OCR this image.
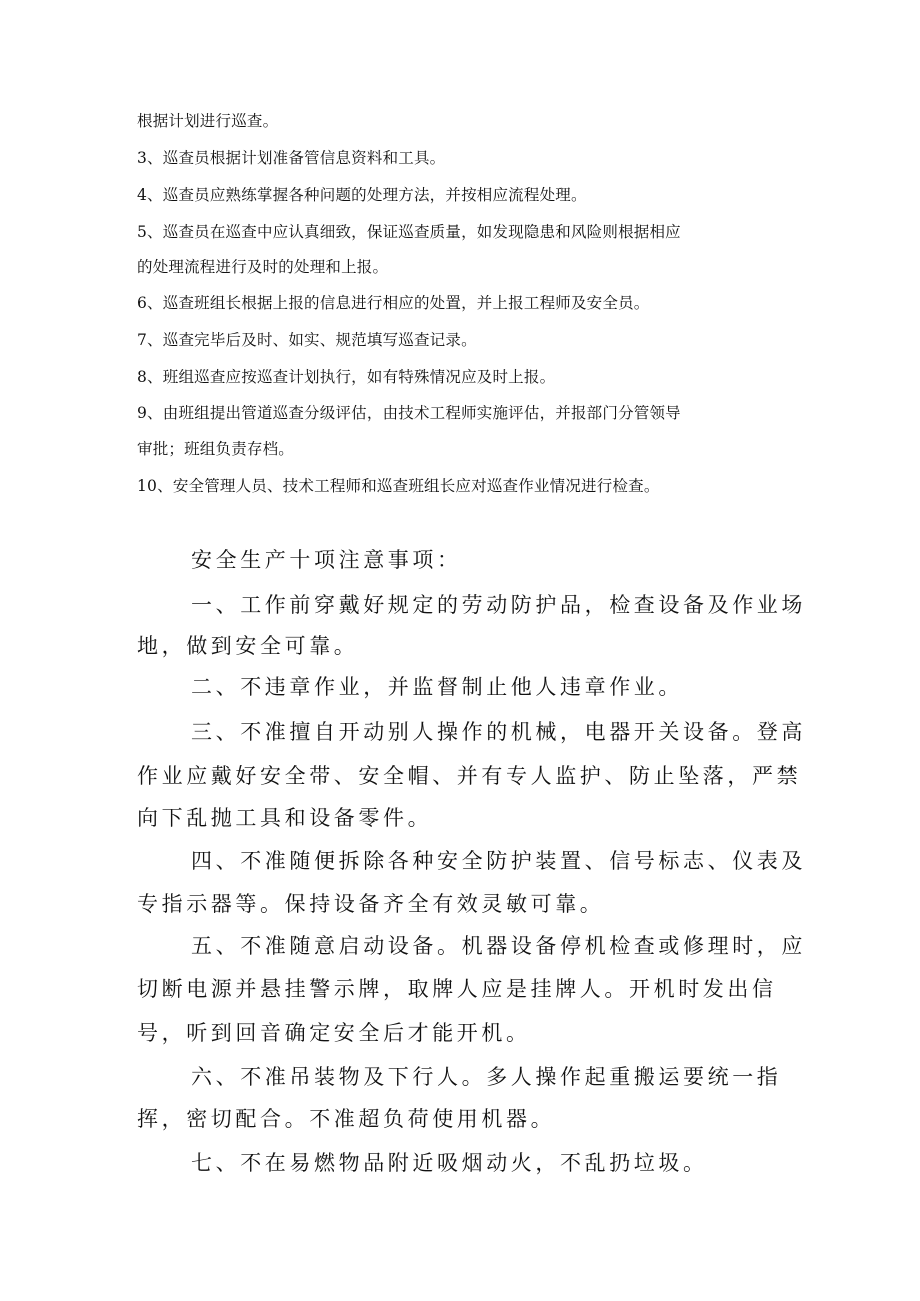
根据计划进行巡查。
3、巡查员根据计划准备管信息资料和工具。
4、巡查员应熟练掌握各种问题的处理方法，并按相应流程处理。
5、巡查员在巡查中应认真细致，保证巡查质量，如发现隐患和风险则根据相应
的处理流程进行及时的处理和上报。
6、巡查班组长根据上报的信息进行相应的处置，并上报工程师及安全员。
7、巡查完毕后及时、如实、规范填写巡查记录。
8、班组巡查应按巡查计划执行，如有特殊情况应及时上报。
9、由班组提出管道巡查分级评估，由技术工程师实施评估，并报部门分管领导
审批；班组负责存档。
10、安全管理人员、技术工程师和巡查班组长应对巡查作业情况进行检查。
安全生产十项注意事项：
一、工作前穿戴好规定的劳动防护品，检查设备及作业场
地，做到安全可靠。
二、不违章作业，并监督制止他人违章作业。
三、不准擅自开动别人操作的机械，电器开关设备。登高
作业应戴好安全带、安全帽、并有专人监护、防止坠落，严禁
向下乱抛工具和设备零件。
四、不准随便拆除各种安全防护装置、信号标志、仪表及
专指示器等。保持设备齐全有效灵敏可靠。
五、不准随意启动设备。机器设备停机检查或修理时，应
切断电源并悬挂警示牌，取牌人应是挂牌人。开机时发出信
号，听到回音确定安全后才能开机。
六、不准吊装物及下行人。多人操作起重搬运要统一指
挥，密切配合。不准超负荷使用机器。
七、不在易燃物品附近吸烟动火，不乱扔垃圾。
